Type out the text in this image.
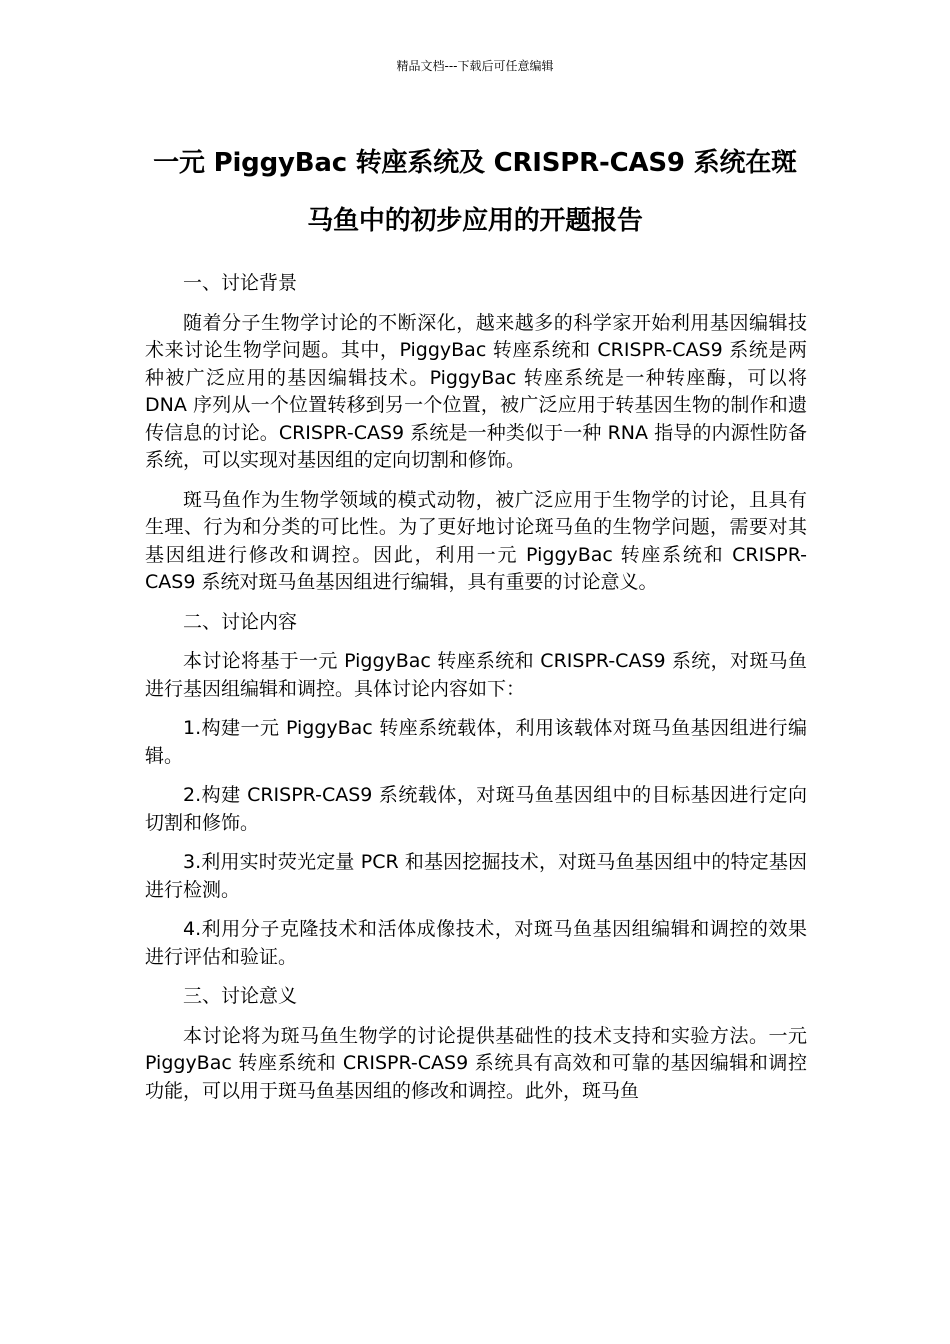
精品文档---下载后可任意编辑
一元 PiggyBac 转座系统及 CRISPR-CAS9 系统在斑
马鱼中的初步应用的开题报告

一、讨论背景

随着分子生物学讨论的不断深化，越来越多的科学家开始利用基因编辑技术来讨论生物学问题。其中，PiggyBac 转座系统和 CRISPR-CAS9 系统是两种被广泛应用的基因编辑技术。PiggyBac 转座系统是一种转座酶，可以将 DNA 序列从一个位置转移到另一个位置，被广泛应用于转基因生物的制作和遗传信息的讨论。CRISPR-CAS9 系统是一种类似于一种 RNA 指导的内源性防备系统，可以实现对基因组的定向切割和修饰。

斑马鱼作为生物学领域的模式动物，被广泛应用于生物学的讨论，且具有生理、行为和分类的可比性。为了更好地讨论斑马鱼的生物学问题，需要对其基因组进行修改和调控。因此，利用一元 PiggyBac 转座系统和 CRISPR-CAS9 系统对斑马鱼基因组进行编辑，具有重要的讨论意义。

二、讨论内容

本讨论将基于一元 PiggyBac 转座系统和 CRISPR-CAS9 系统，对斑马鱼进行基因组编辑和调控。具体讨论内容如下：

1.构建一元 PiggyBac 转座系统载体，利用该载体对斑马鱼基因组进行编辑。

2.构建 CRISPR-CAS9 系统载体，对斑马鱼基因组中的目标基因进行定向切割和修饰。

3.利用实时荧光定量 PCR 和基因挖掘技术，对斑马鱼基因组中的特定基因进行检测。

4.利用分子克隆技术和活体成像技术，对斑马鱼基因组编辑和调控的效果进行评估和验证。

三、讨论意义

本讨论将为斑马鱼生物学的讨论提供基础性的技术支持和实验方法。一元 PiggyBac 转座系统和 CRISPR-CAS9 系统具有高效和可靠的基因编辑和调控功能，可以用于斑马鱼基因组的修改和调控。此外，斑马鱼
